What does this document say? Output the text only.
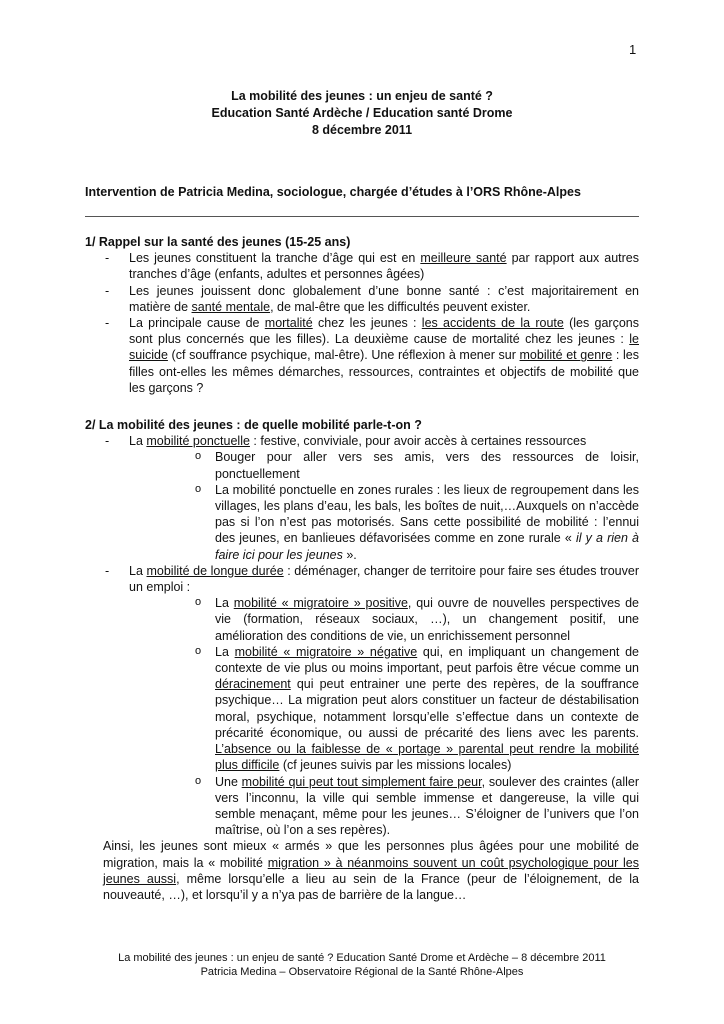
1
La mobilité des jeunes : un enjeu de santé ?
Education Santé Ardèche / Education santé Drome
8 décembre 2011
Intervention de Patricia Medina, sociologue, chargée d’études à l’ORS Rhône-Alpes

1/ Rappel sur la santé des jeunes (15-25 ans)

- Les jeunes constituent la tranche d’âge qui est en meilleure santé par rapport aux autres tranches d’âge (enfants, adultes et personnes âgées)
- Les jeunes jouissent donc globalement d’une bonne santé : c’est majoritairement en matière de santé mentale, de mal-être que les difficultés peuvent exister.
- La principale cause de mortalité chez les jeunes : les accidents de la route (les garçons sont plus concernés que les filles). La deuxième cause de mortalité chez les jeunes : le suicide (cf souffrance psychique, mal-être). Une réflexion à mener sur mobilité et genre : les filles ont-elles les mêmes démarches, ressources, contraintes et objectifs de mobilité que les garçons ?

2/ La mobilité des jeunes : de quelle mobilité parle-t-on ?

- La mobilité ponctuelle : festive, conviviale, pour avoir accès à certaines ressources
o Bouger pour aller vers ses amis, vers des ressources de loisir, ponctuellement
o La mobilité ponctuelle en zones rurales : les lieux de regroupement dans les villages, les plans d’eau, les bals, les boîtes de nuit,…Auxquels on n’accède pas si l’on n’est pas motorisés. Sans cette possibilité de mobilité : l’ennui des jeunes, en banlieues défavorisées comme en zone rurale « il y a rien à faire ici pour les jeunes ».
- La mobilité de longue durée : déménager, changer de territoire pour faire ses études trouver un emploi :
o La mobilité « migratoire » positive, qui ouvre de nouvelles perspectives de vie (formation, réseaux sociaux, …), un changement positif, une amélioration des conditions de vie, un enrichissement personnel
o La mobilité « migratoire » négative qui, en impliquant un changement de contexte de vie plus ou moins important, peut parfois être vécue comme un déracinement qui peut entrainer une perte des repères, de la souffrance psychique… La migration peut alors constituer un facteur de déstabilisation moral, psychique, notamment lorsqu’elle s’effectue dans un contexte de précarité économique, ou aussi de précarité des liens avec les parents. L’absence ou la faiblesse de « portage » parental peut rendre la mobilité plus difficile (cf jeunes suivis par les missions locales)
o Une mobilité qui peut tout simplement faire peur, soulever des craintes (aller vers l’inconnu, la ville qui semble immense et dangereuse, la ville qui semble menaçant, même pour les jeunes… S’éloigner de l’univers que l’on maîtrise, où l’on a ses repères).

Ainsi, les jeunes sont mieux « armés » que les personnes plus âgées pour une mobilité de migration, mais la « mobilité migration » à néanmoins souvent un coût psychologique pour les jeunes aussi, même lorsqu’elle a lieu au sein de la France (peur de l’éloignement, de la nouveauté, …), et lorsqu’il y a n’ya pas de barrière de la langue…

La mobilité des jeunes : un enjeu de santé ? Education Santé Drome et Ardèche – 8 décembre 2011
Patricia Medina – Observatoire Régional de la Santé Rhône-Alpes
